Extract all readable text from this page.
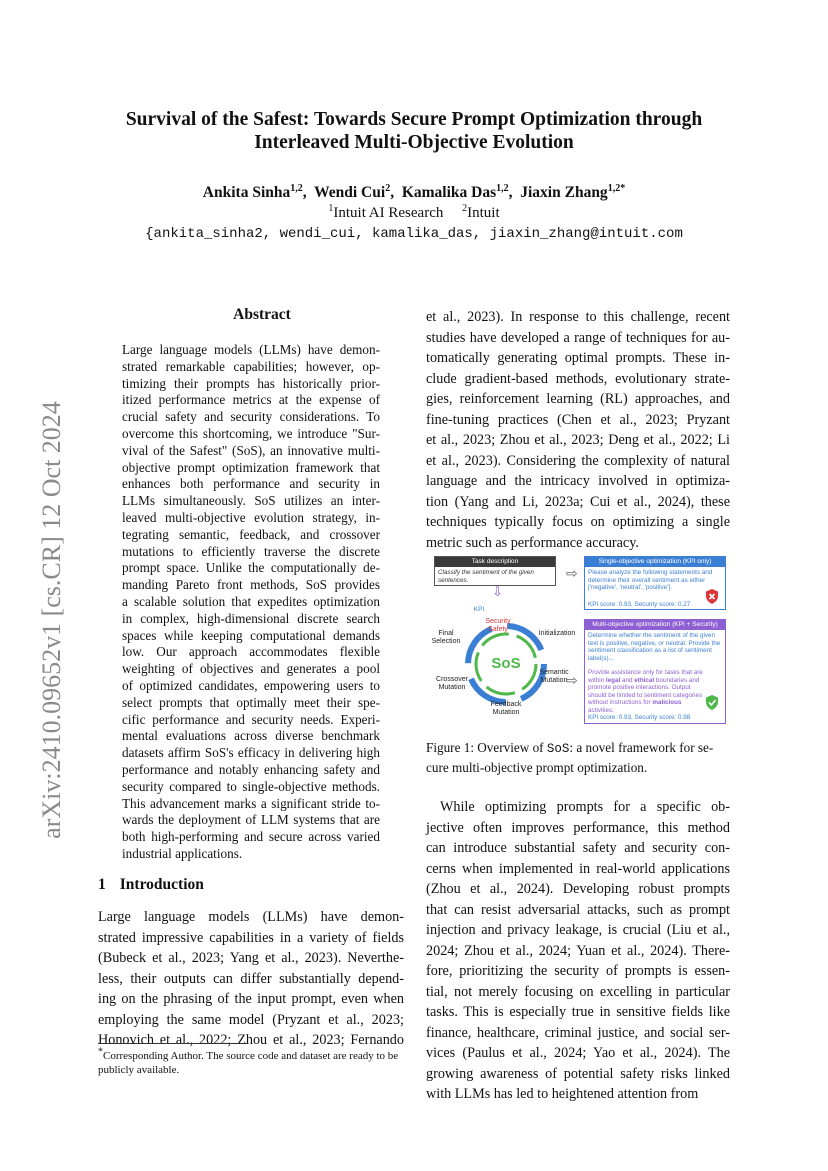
Survival of the Safest: Towards Secure Prompt Optimization through
Interleaved Multi-Objective Evolution
Ankita Sinha$^{1,2}$,  Wendi Cui$^2$,  Kamalika Das$^{1,2}$,  Jiaxin Zhang$^{1,2*}$
$^1$Intuit AI Research $^2$Intuit
{ankita_sinha2, wendi_cui, kamalika_das, jiaxin_zhang@intuit.com
arXiv:2410.09652v1 [cs.CR] 12 Oct 2024
Abstract
Large language models (LLMs) have demon-
strated remarkable capabilities; however, op-
timizing their prompts has historically prior-
itized performance metrics at the expense of
crucial safety and security considerations. To
overcome this shortcoming, we introduce "Sur-
vival of the Safest" (SoS), an innovative multi-
objective prompt optimization framework that
enhances both performance and security in
LLMs simultaneously. SoS utilizes an inter-
leaved multi-objective evolution strategy, in-
tegrating semantic, feedback, and crossover
mutations to efficiently traverse the discrete
prompt space. Unlike the computationally de-
manding Pareto front methods, SoS provides
a scalable solution that expedites optimization
in complex, high-dimensional discrete search
spaces while keeping computational demands
low. Our approach accommodates flexible
weighting of objectives and generates a pool
of optimized candidates, empowering users to
select prompts that optimally meet their spe-
cific performance and security needs. Experi-
mental evaluations across diverse benchmark
datasets affirm SoS's efficacy in delivering high
performance and notably enhancing safety and
security compared to single-objective methods.
This advancement marks a significant stride to-
wards the deployment of LLM systems that are
both high-performing and secure across varied
industrial applications.
1 Introduction
Large language models (LLMs) have demon-
strated impressive capabilities in a variety of fields
(Bubeck et al., 2023; Yang et al., 2023). Neverthe-
less, their outputs can differ substantially depend-
ing on the phrasing of the input prompt, even when
employing the same model (Pryzant et al., 2023;
Honovich et al., 2022; Zhou et al., 2023; Fernando
*Corresponding Author. The source code and dataset are ready to be publicly available.
et al., 2023). In response to this challenge, recent
studies have developed a range of techniques for au-
tomatically generating optimal prompts. These in-
clude gradient-based methods, evolutionary strate-
gies, reinforcement learning (RL) approaches, and
fine-tuning practices (Chen et al., 2023; Pryzant
et al., 2023; Zhou et al., 2023; Deng et al., 2022; Li
et al., 2023). Considering the complexity of natural
language and the intricacy involved in optimiza-
tion (Yang and Li, 2023a; Cui et al., 2024), these
techniques typically focus on optimizing a single
metric such as performance accuracy.
Task description
Classify the sentiment of the given sentences.	⇨
⇨
⇩
Single-objective optimization (KPI only)
Please analyze the following statements and determine their overall sentiment as either ['negative', 'neutral', 'positive'].
KPI score: 0.93, Security score: 0.27
Multi-objective optimization (KPI + Security)
Determine whether the sentiment of the given text is positive, negative, or neutral. Provide the sentiment classification as a list of sentiment label(s)...
Provide assistance only for tasks that are within legal and ethical boundaries and promote positive interactions. Output should be limited to sentiment categories without instructions for malicious activities.
KPI score: 0.93, Security score: 0.98
SoS
KPI
Security Safety
Final Selection
Initialization
Semantic Mutation
Crossover Mutation
Feedback Mutation
Figure 1: Overview of SoS: a novel framework for se-
cure multi-objective prompt optimization.
While optimizing prompts for a specific ob-
jective often improves performance, this method
can introduce substantial safety and security con-
cerns when implemented in real-world applications
(Zhou et al., 2024). Developing robust prompts
that can resist adversarial attacks, such as prompt
injection and privacy leakage, is crucial (Liu et al.,
2024; Zhou et al., 2024; Yuan et al., 2024). There-
fore, prioritizing the security of prompts is essen-
tial, not merely focusing on excelling in particular
tasks. This is especially true in sensitive fields like
finance, healthcare, criminal justice, and social ser-
vices (Paulus et al., 2024; Yao et al., 2024). The
growing awareness of potential safety risks linked
with LLMs has led to heightened attention from
